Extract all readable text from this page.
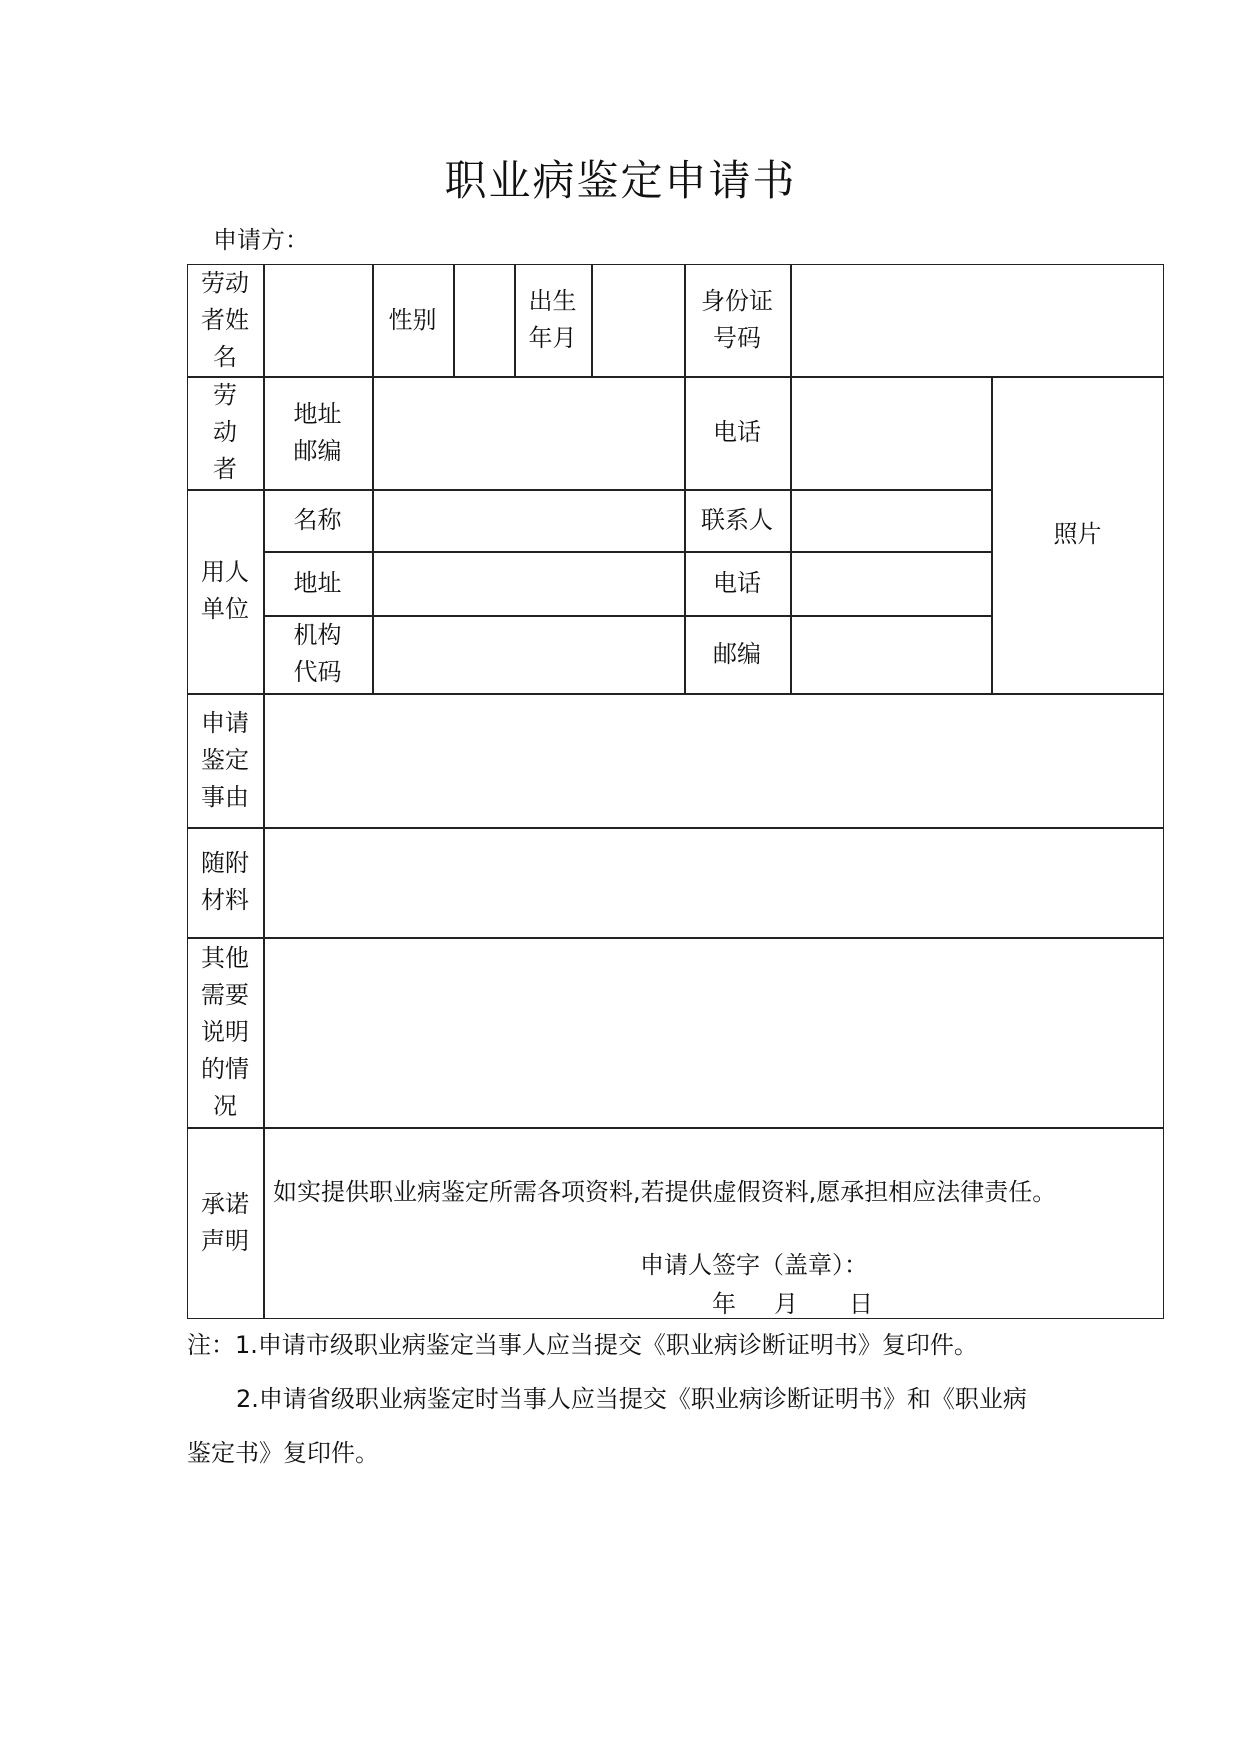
职业病鉴定申请书
申请方：
劳动
者姓
名
性别
出生
年月
身份证
号码
劳
动
者
地址
邮编
电话
照片
用人
单位
名称	联系人
地址	电话
机构
代码
邮编
申请
鉴定
事由
随附
材料
其他
需要
说明
的情
况
承诺
声明
如实提供职业病鉴定所需各项资料,若提供虚假资料,愿承担相应法律责任。
申请人签字（盖章）：
年 月 日
注：1.申请市级职业病鉴定当事人应当提交《职业病诊断证明书》复印件。
2.申请省级职业病鉴定时当事人应当提交《职业病诊断证明书》和《职业病
鉴定书》复印件。
